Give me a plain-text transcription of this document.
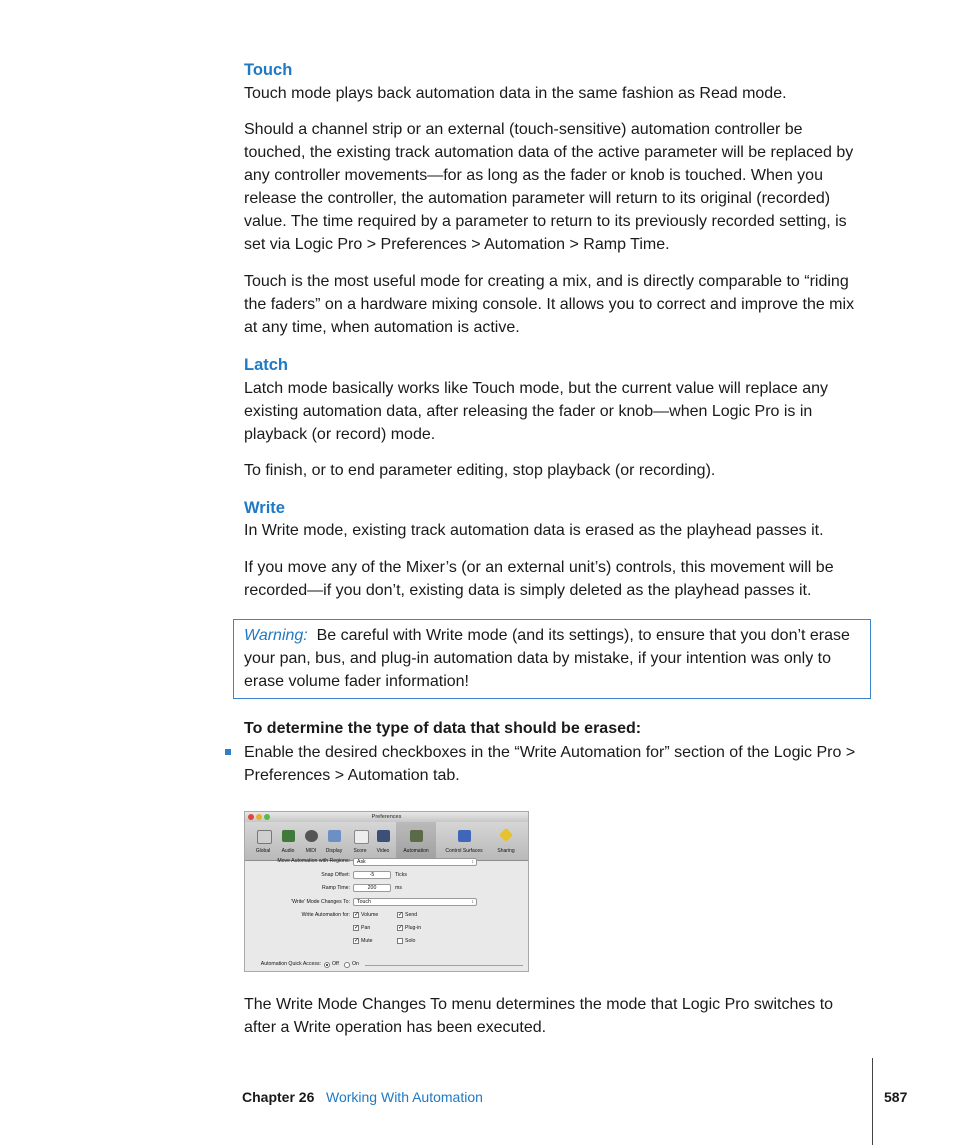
Touch
Touch mode plays back automation data in the same fashion as Read mode.
Should a channel strip or an external (touch-sensitive) automation controller be
touched, the existing track automation data of the active parameter will be replaced by
any controller movements—for as long as the fader or knob is touched. When you
release the controller, the automation parameter will return to its original (recorded)
value. The time required by a parameter to return to its previously recorded setting, is
set via Logic Pro > Preferences > Automation > Ramp Time.
Touch is the most useful mode for creating a mix, and is directly comparable to “riding
the faders” on a hardware mixing console. It allows you to correct and improve the mix
at any time, when automation is active.
Latch
Latch mode basically works like Touch mode, but the current value will replace any
existing automation data, after releasing the fader or knob—when Logic Pro is in
playback (or record) mode.
To finish, or to end parameter editing, stop playback (or recording).
Write
In Write mode, existing track automation data is erased as the playhead passes it.
If you move any of the Mixer’s (or an external unit’s) controls, this movement will be
recorded—if you don’t, existing data is simply deleted as the playhead passes it.
Warning: Be careful with Write mode (and its settings), to ensure that you don’t erase
your pan, bus, and plug-in automation data by mistake, if your intention was only to
erase volume fader information!
To determine the type of data that should be erased:
Enable the desired checkboxes in the “Write Automation for” section of the Logic Pro >
Preferences > Automation tab.
Preferences
Global	Audio	MIDI	Display	Score	Video	Automation	Control Surfaces	Sharing
Move Automation with Regions:	Ask	↕
Snap Offset:	-5	Ticks
Ramp Time:	200	ms
'Write' Mode Changes To:	Touch	↕
Write Automation for: ✓ Volume	✓ Send
✓ Pan	✓ Plug-in
✓ Mute	Solo
Automation Quick Access: Off	On
The Write Mode Changes To menu determines the mode that Logic Pro switches to
after a Write operation has been executed.
Chapter 26 Working With Automation	587
